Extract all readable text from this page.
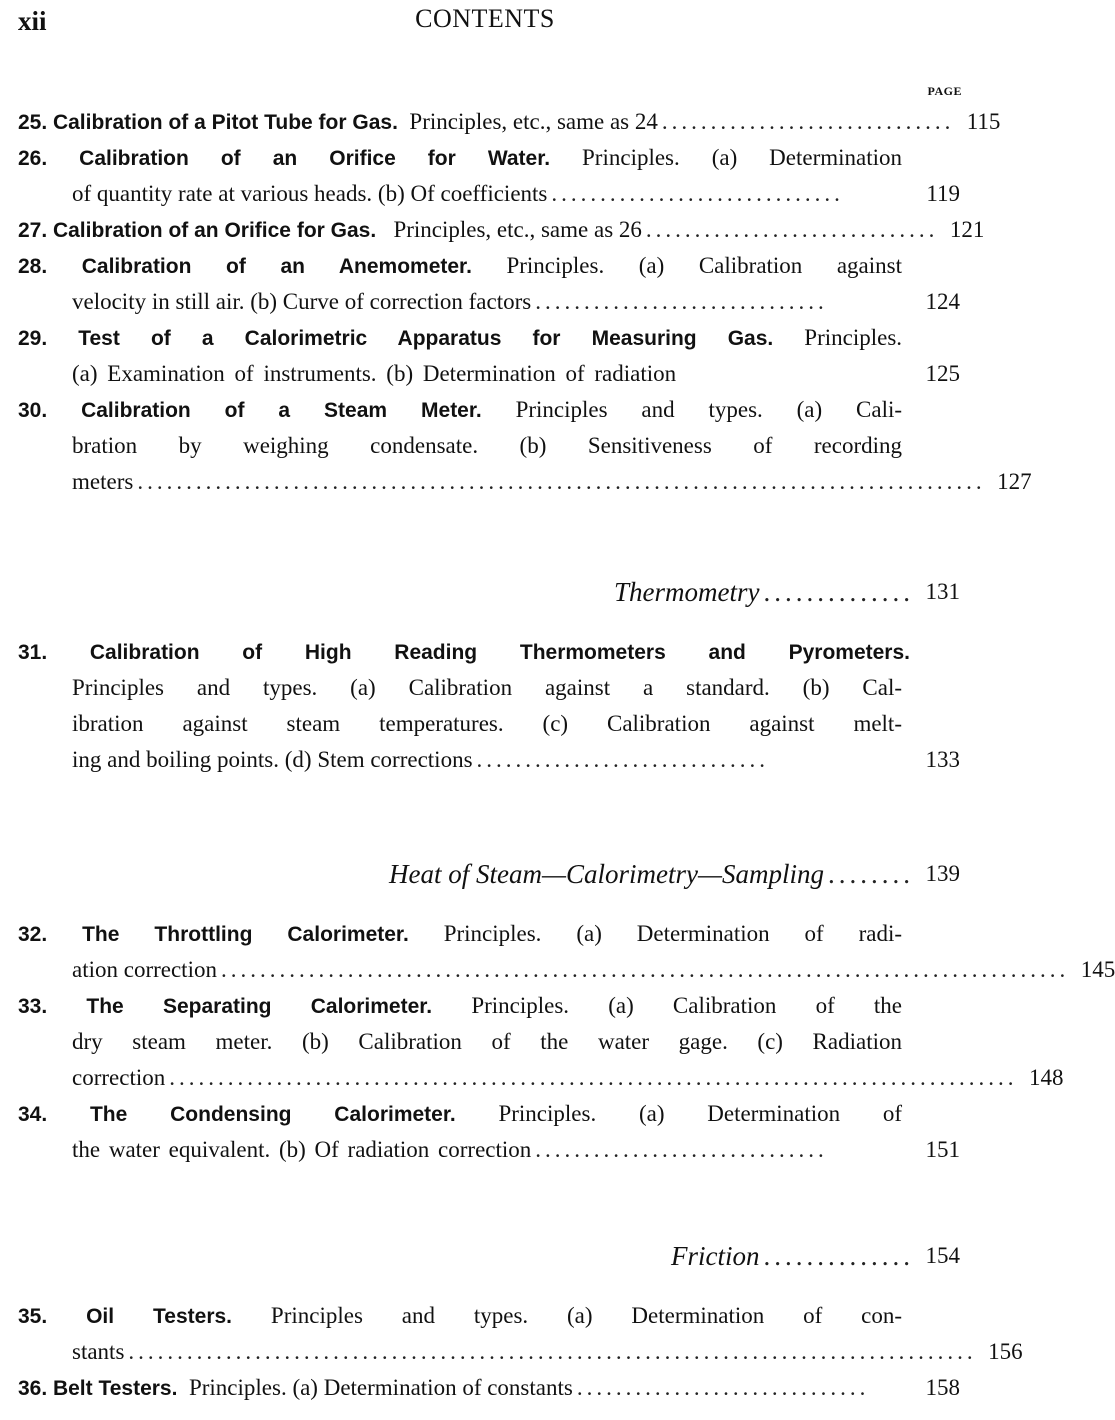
xii	CONTENTS
PAGE
25. Calibration of a Pitot Tube for Gas. Principles, etc., same as 24 .............................. 115
26. Calibration of an Orifice for Water. Principles. (a) Determination
of quantity rate at various heads. (b) Of coefficients ..............................	119
27. Calibration of an Orifice for Gas. Principles, etc., same as 26 .............................. 121
28. Calibration of an Anemometer. Principles. (a) Calibration against
velocity in still air. (b) Curve of correction factors ..............................	124
29. Test of a Calorimetric Apparatus for Measuring Gas. Principles.
(a) Examination of instruments. (b) Determination of radiation	125
30. Calibration of a Steam Meter. Principles and types. (a) Cali-
bration by weighing condensate. (b) Sensitiveness of recording
meters ....................................................................................... 127
Thermometry .............. 131
31. Calibration of High Reading Thermometers and Pyrometers.
Principles and types. (a) Calibration against a standard. (b) Cal-
ibration against steam temperatures. (c) Calibration against melt-
ing and boiling points. (d) Stem corrections ..............................	133
Heat of Steam—Calorimetry—Sampling ........ 139
32. The Throttling Calorimeter. Principles. (a) Determination of radi-
ation correction ....................................................................................... 145
33. The Separating Calorimeter. Principles. (a) Calibration of the
dry steam meter. (b) Calibration of the water gage. (c) Radiation
correction ....................................................................................... 148
34. The Condensing Calorimeter. Principles. (a) Determination of
the water equivalent. (b) Of radiation correction ..............................	151
Friction .............. 154
35. Oil Testers. Principles and types. (a) Determination of con-
stants ....................................................................................... 156
36. Belt Testers. Principles. (a) Determination of constants ..............................	158
